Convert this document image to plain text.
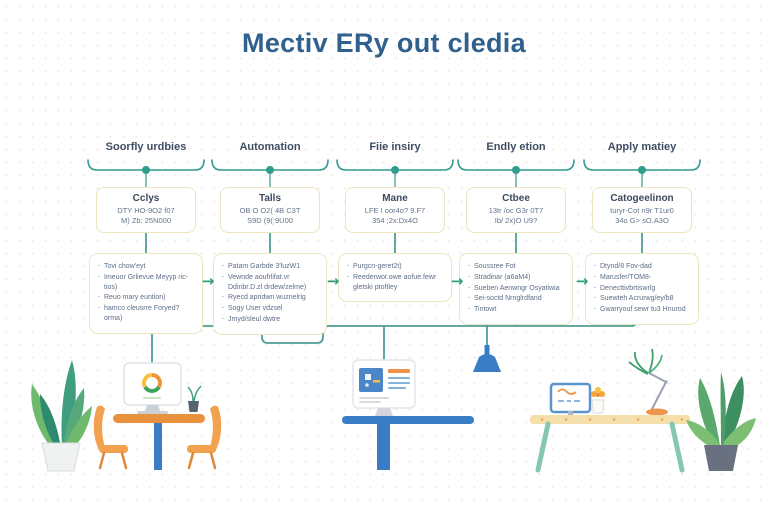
Mectiv ERy out cledia
Soorfly urdbies	Automation	Fiie insiry	Endly etion	Apply matiey
Cclys
DTY HO-9O2 f07
M) Zb: 25N000
Talls
OB O O2( 4B C3T
S9D (9(:9U00
Mane
LFE I oor4o? 9.F7
354 ;2x:Dx4O
Ctbee
13tr /oc G3r 0T7
Ib/ 2x)O U9?
Catogeelinon
turyr-Cot n9r T1ur0
34o G> sO.A3O
· Tovi chow'eyt
· Imeuor Grlievue Meyyp ric-tios)
· Reuo mary euntion)
· hamco cleusrre Foryed?orma)
· Patam Garbde 3'luzW1
· Vewnde aoufrlifat.vr Ddinbr.D.zl drdew/zelme)
· Ryecd apridwn wuznelrig
· Sogy User vdzsel
· Jmyd/sleul dwtre
· Purgcn-geret2t)
· Reederwor.owe aofue.fewr gletski ptoftley
· Soussree Fot
· Stradinar (a6aM4)
· Sueben Aenwngr Osyatiwia
· Sei-soctd Nrnglrdfand
· Tintowt
· Dtynd/8 Fov-dad
· Marusfer/TOM8-
· Denecttivbrtiswrlg
· Suewteh Acrurwg/ey/b8
· Gwarryouf sewr tu3 Hnurod
→	→	→	→
